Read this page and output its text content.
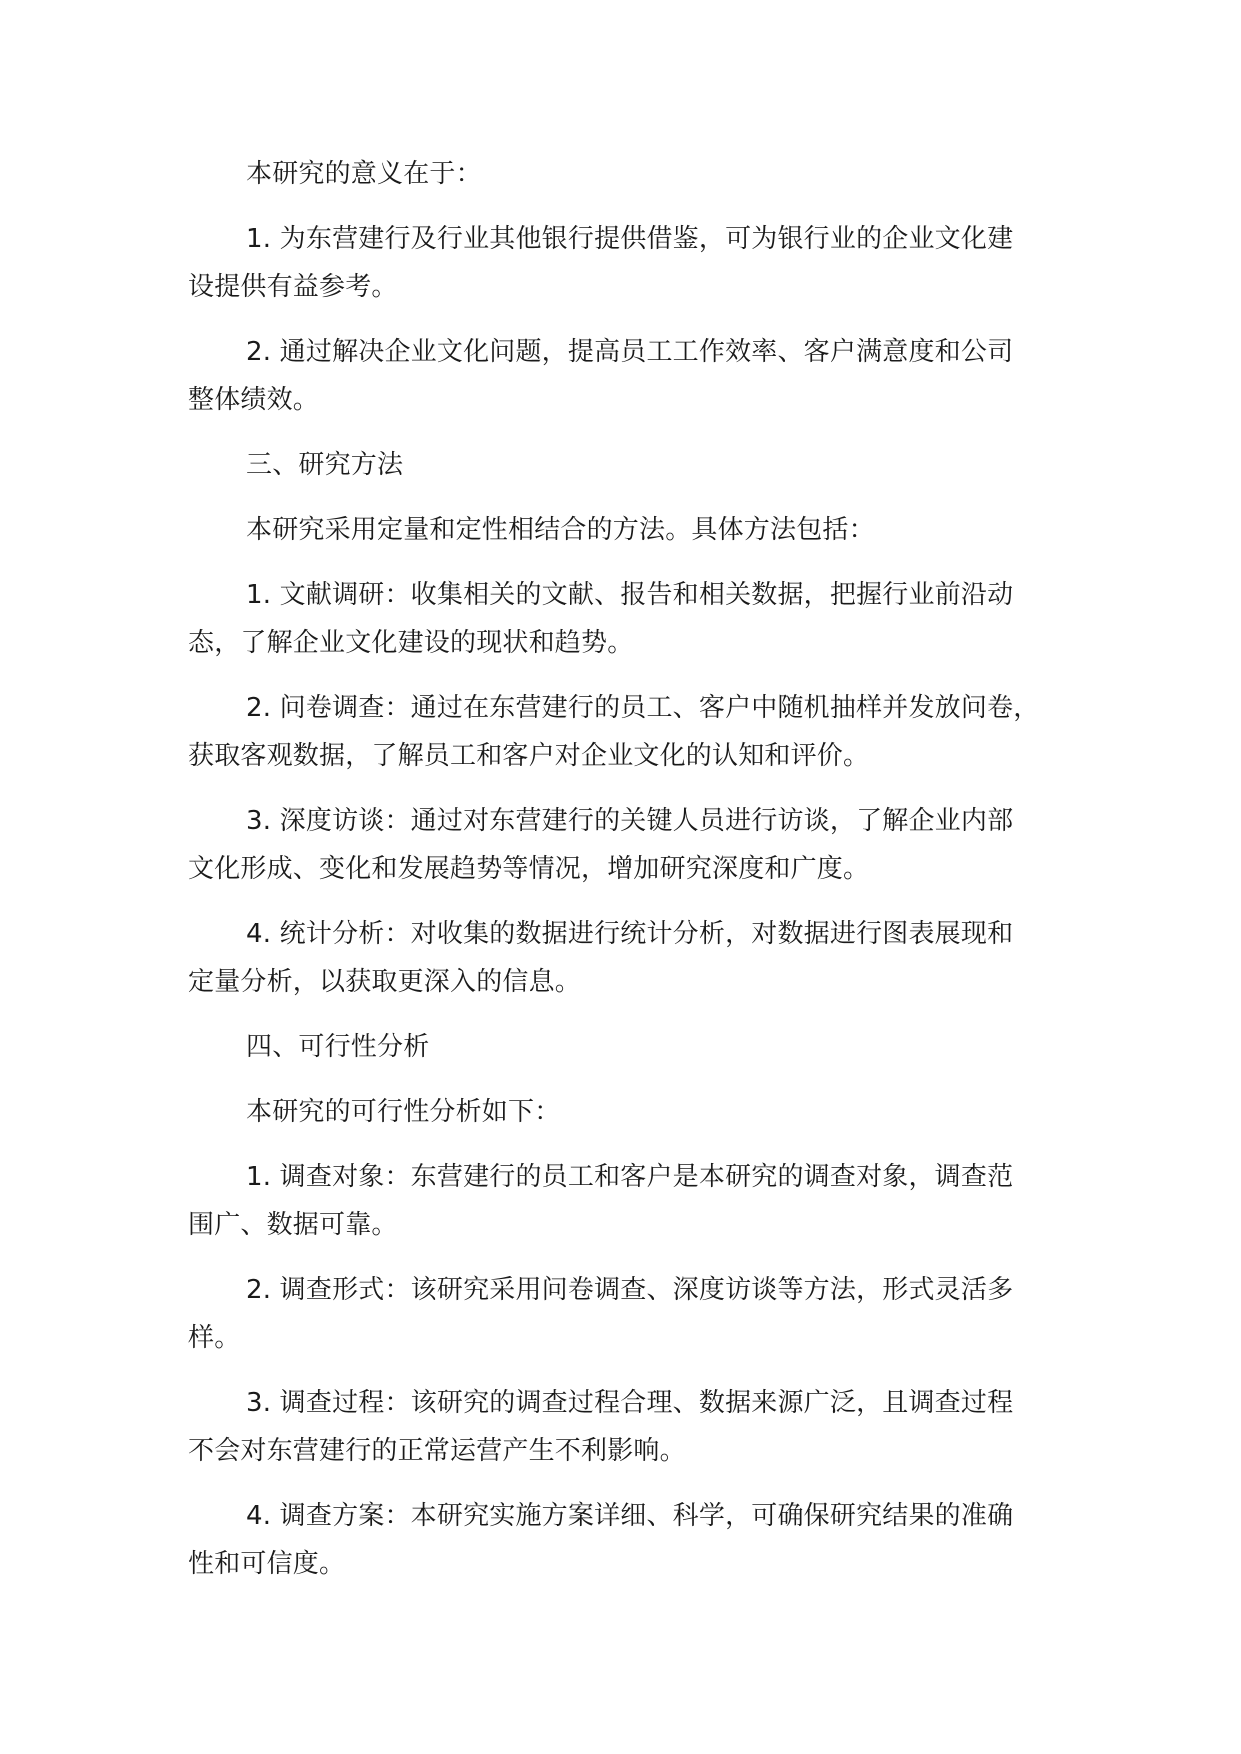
本研究的意义在于：

1. 为东营建行及行业其他银行提供借鉴，可为银行业的企业文化建
设提供有益参考。

2. 通过解决企业文化问题，提高员工工作效率、客户满意度和公司
整体绩效。

三、研究方法

本研究采用定量和定性相结合的方法。具体方法包括：

1. 文献调研：收集相关的文献、报告和相关数据，把握行业前沿动
态，了解企业文化建设的现状和趋势。

2. 问卷调查：通过在东营建行的员工、客户中随机抽样并发放问卷，
获取客观数据，了解员工和客户对企业文化的认知和评价。

3. 深度访谈：通过对东营建行的关键人员进行访谈，了解企业内部
文化形成、变化和发展趋势等情况，增加研究深度和广度。

4. 统计分析：对收集的数据进行统计分析，对数据进行图表展现和
定量分析，以获取更深入的信息。

四、可行性分析

本研究的可行性分析如下：

1. 调查对象：东营建行的员工和客户是本研究的调查对象，调查范
围广、数据可靠。

2. 调查形式：该研究采用问卷调查、深度访谈等方法，形式灵活多
样。

3. 调查过程：该研究的调查过程合理、数据来源广泛，且调查过程
不会对东营建行的正常运营产生不利影响。

4. 调查方案：本研究实施方案详细、科学，可确保研究结果的准确
性和可信度。
